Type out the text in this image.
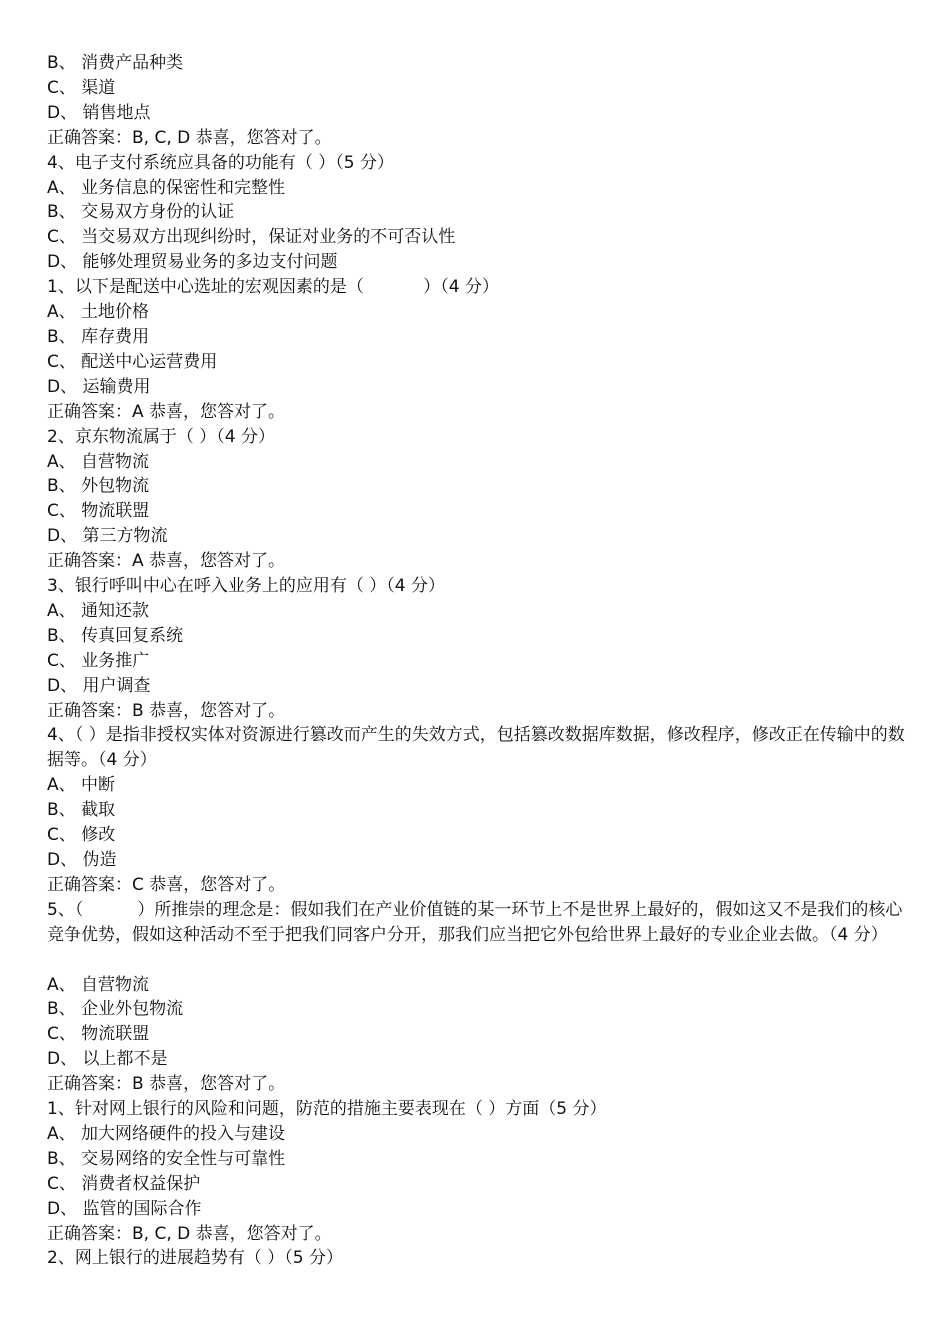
B、 消费产品种类

C、 渠道

D、 销售地点

正确答案：B, C, D 恭喜，您答对了。

4、电子支付系统应具备的功能有（ ）（5 分）

A、 业务信息的保密性和完整性

B、 交易双方身份的认证

C、 当交易双方出现纠纷时，保证对业务的不可否认性

D、 能够处理贸易业务的多边支付问题

1、以下是配送中心选址的宏观因素的是（           ）（4 分）

A、 土地价格

B、 库存费用

C、 配送中心运营费用

D、 运输费用

正确答案：A 恭喜，您答对了。

2、京东物流属于（ ）（4 分）

A、 自营物流

B、 外包物流

C、 物流联盟

D、 第三方物流

正确答案：A 恭喜，您答对了。

3、银行呼叫中心在呼入业务上的应用有（ ）（4 分）

A、 通知还款

B、 传真回复系统

C、 业务推广

D、 用户调查

正确答案：B 恭喜，您答对了。

4、（ ）是指非授权实体对资源进行篡改而产生的失效方式，包括篡改数据库数据，修改程序，修改正在传输中的数据等。（4 分）

A、 中断

B、 截取

C、 修改

D、 伪造

正确答案：C 恭喜，您答对了。

5、（          ）所推崇的理念是：假如我们在产业价值链的某一环节上不是世界上最好的，假如这又不是我们的核心竞争优势，假如这种活动不至于把我们同客户分开，那我们应当把它外包给世界上最好的专业企业去做。（4 分）

A、 自营物流

B、 企业外包物流

C、 物流联盟

D、 以上都不是

正确答案：B 恭喜，您答对了。

1、针对网上银行的风险和问题，防范的措施主要表现在（ ）方面（5 分）

A、 加大网络硬件的投入与建设

B、 交易网络的安全性与可靠性

C、 消费者权益保护

D、 监管的国际合作

正确答案：B, C, D 恭喜，您答对了。

2、网上银行的进展趋势有（ ）（5 分）
